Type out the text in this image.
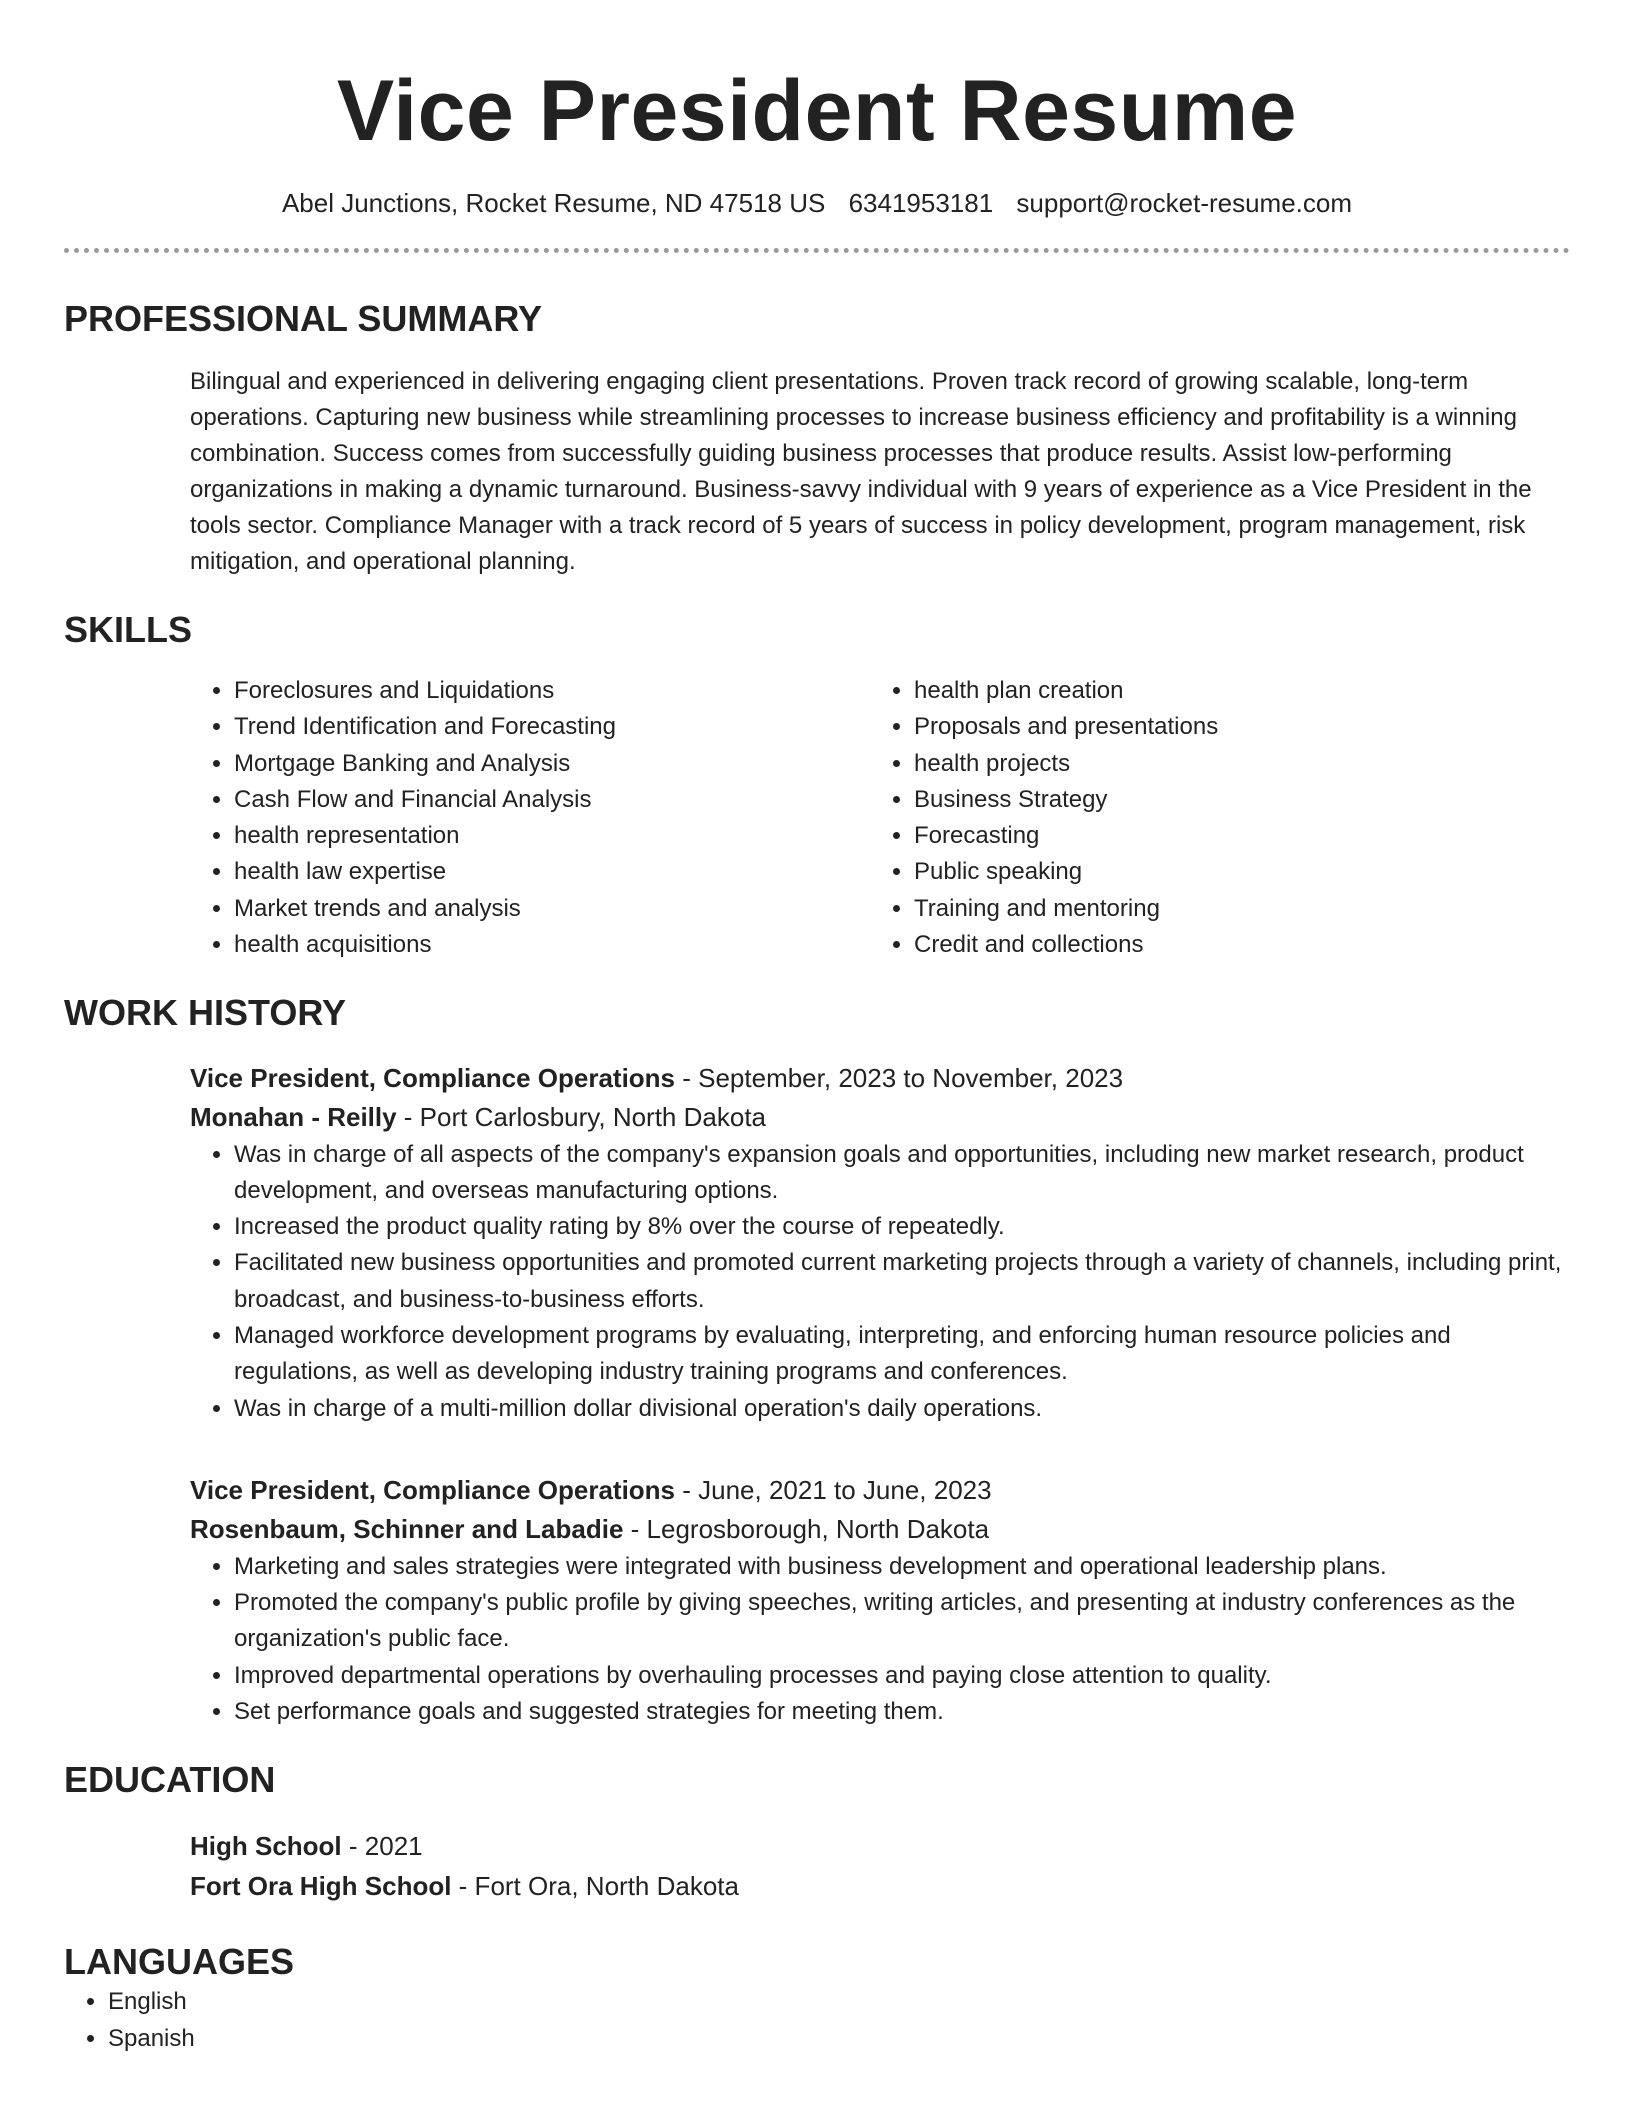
Vice President Resume
Abel Junctions, Rocket Resume, ND 47518 US 6341953181 support@rocket-resume.com
PROFESSIONAL SUMMARY
Bilingual and experienced in delivering engaging client presentations. Proven track record of growing scalable, long-term operations. Capturing new business while streamlining processes to increase business efficiency and profitability is a winning combination. Success comes from successfully guiding business processes that produce results. Assist low-performing organizations in making a dynamic turnaround. Business-savvy individual with 9 years of experience as a Vice President in the tools sector. Compliance Manager with a track record of 5 years of success in policy development, program management, risk mitigation, and operational planning.
SKILLS
• Foreclosures and Liquidations
• Trend Identification and Forecasting
• Mortgage Banking and Analysis
• Cash Flow and Financial Analysis
• health representation
• health law expertise
• Market trends and analysis
• health acquisitions
• health plan creation
• Proposals and presentations
• health projects
• Business Strategy
• Forecasting
• Public speaking
• Training and mentoring
• Credit and collections
WORK HISTORY
Vice President, Compliance Operations - September, 2023 to November, 2023
Monahan - Reilly - Port Carlosbury, North Dakota
• Was in charge of all aspects of the company's expansion goals and opportunities, including new market research, product development, and overseas manufacturing options.
• Increased the product quality rating by 8% over the course of repeatedly.
• Facilitated new business opportunities and promoted current marketing projects through a variety of channels, including print, broadcast, and business-to-business efforts.
• Managed workforce development programs by evaluating, interpreting, and enforcing human resource policies and regulations, as well as developing industry training programs and conferences.
• Was in charge of a multi-million dollar divisional operation's daily operations.
Vice President, Compliance Operations - June, 2021 to June, 2023
Rosenbaum, Schinner and Labadie - Legrosborough, North Dakota
• Marketing and sales strategies were integrated with business development and operational leadership plans.
• Promoted the company's public profile by giving speeches, writing articles, and presenting at industry conferences as the organization's public face.
• Improved departmental operations by overhauling processes and paying close attention to quality.
• Set performance goals and suggested strategies for meeting them.
EDUCATION
High School - 2021
Fort Ora High School - Fort Ora, North Dakota
LANGUAGES
• English
• Spanish
